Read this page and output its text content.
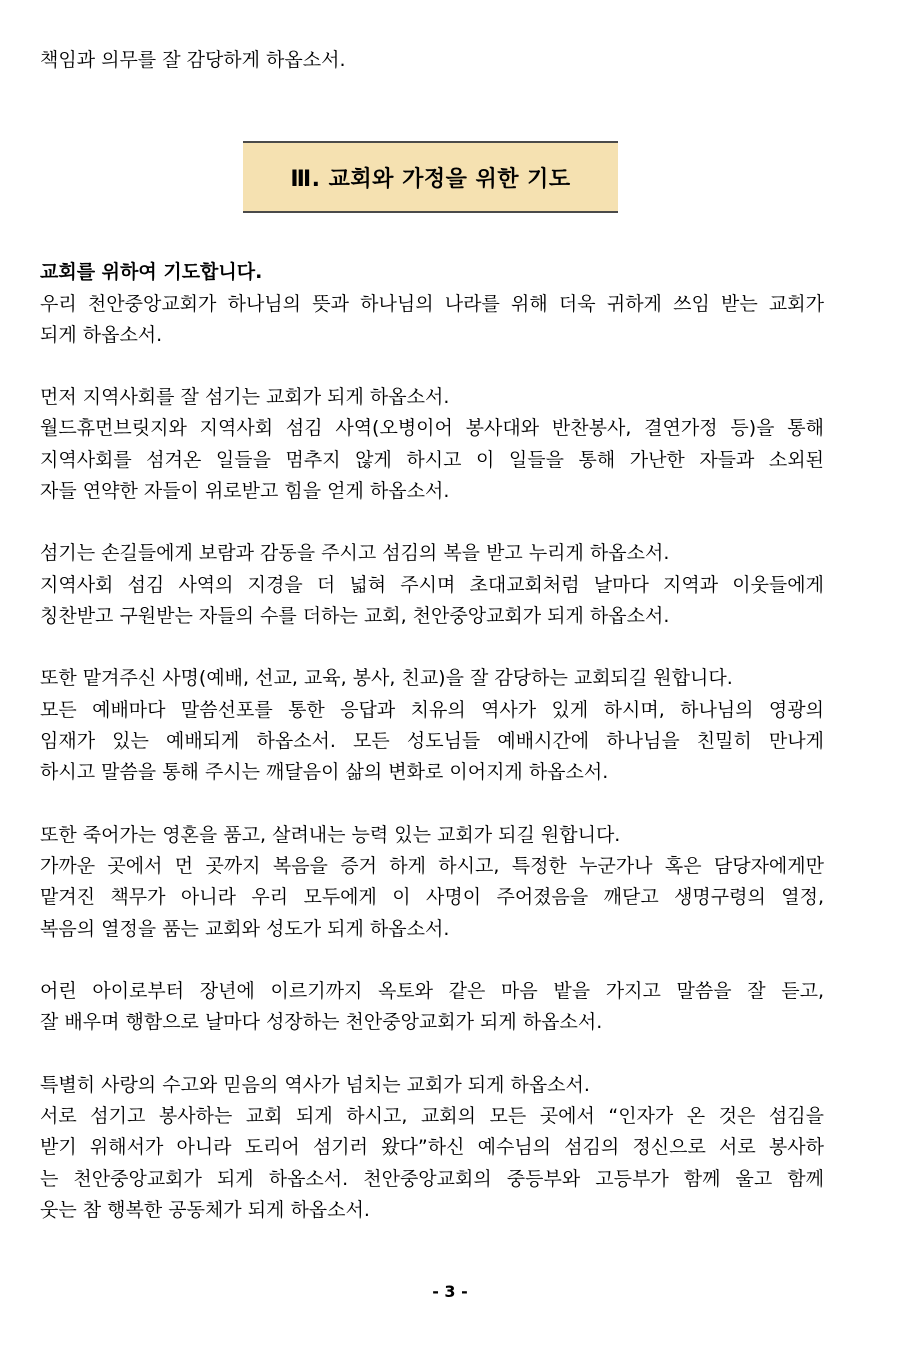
책임과 의무를 잘 감당하게 하옵소서.
Ⅲ. 교회와 가정을 위한 기도
교회를 위하여 기도합니다.
우리 천안중앙교회가 하나님의 뜻과 하나님의 나라를 위해 더욱 귀하게 쓰임 받는 교회가
되게 하옵소서.
먼저 지역사회를 잘 섬기는 교회가 되게 하옵소서.
월드휴먼브릿지와 지역사회 섬김 사역(오병이어 봉사대와 반찬봉사, 결연가정 등)을 통해
지역사회를 섬겨온 일들을 멈추지 않게 하시고 이 일들을 통해 가난한 자들과 소외된
자들 연약한 자들이 위로받고 힘을 얻게 하옵소서.
섬기는 손길들에게 보람과 감동을 주시고 섬김의 복을 받고 누리게 하옵소서.
지역사회 섬김 사역의 지경을 더 넓혀 주시며 초대교회처럼 날마다 지역과 이웃들에게
칭찬받고 구원받는 자들의 수를 더하는 교회, 천안중앙교회가 되게 하옵소서.
또한 맡겨주신 사명(예배, 선교, 교육, 봉사, 친교)을 잘 감당하는 교회되길 원합니다.
모든 예배마다 말씀선포를 통한 응답과 치유의 역사가 있게 하시며, 하나님의 영광의
임재가 있는 예배되게 하옵소서. 모든 성도님들 예배시간에 하나님을 친밀히 만나게
하시고 말씀을 통해 주시는 깨달음이 삶의 변화로 이어지게 하옵소서.
또한 죽어가는 영혼을 품고, 살려내는 능력 있는 교회가 되길 원합니다.
가까운 곳에서 먼 곳까지 복음을 증거 하게 하시고, 특정한 누군가나 혹은 담당자에게만
맡겨진 책무가 아니라 우리 모두에게 이 사명이 주어졌음을 깨닫고 생명구령의 열정,
복음의 열정을 품는 교회와 성도가 되게 하옵소서.
어린 아이로부터 장년에 이르기까지 옥토와 같은 마음 밭을 가지고 말씀을 잘 듣고,
잘 배우며 행함으로 날마다 성장하는 천안중앙교회가 되게 하옵소서.
특별히 사랑의 수고와 믿음의 역사가 넘치는 교회가 되게 하옵소서.
서로 섬기고 봉사하는 교회 되게 하시고, 교회의 모든 곳에서 “인자가 온 것은 섬김을
받기 위해서가 아니라 도리어 섬기러 왔다”하신 예수님의 섬김의 정신으로 서로 봉사하
는 천안중앙교회가 되게 하옵소서. 천안중앙교회의 중등부와 고등부가 함께 울고 함께
웃는 참 행복한 공동체가 되게 하옵소서.
- 3 -
